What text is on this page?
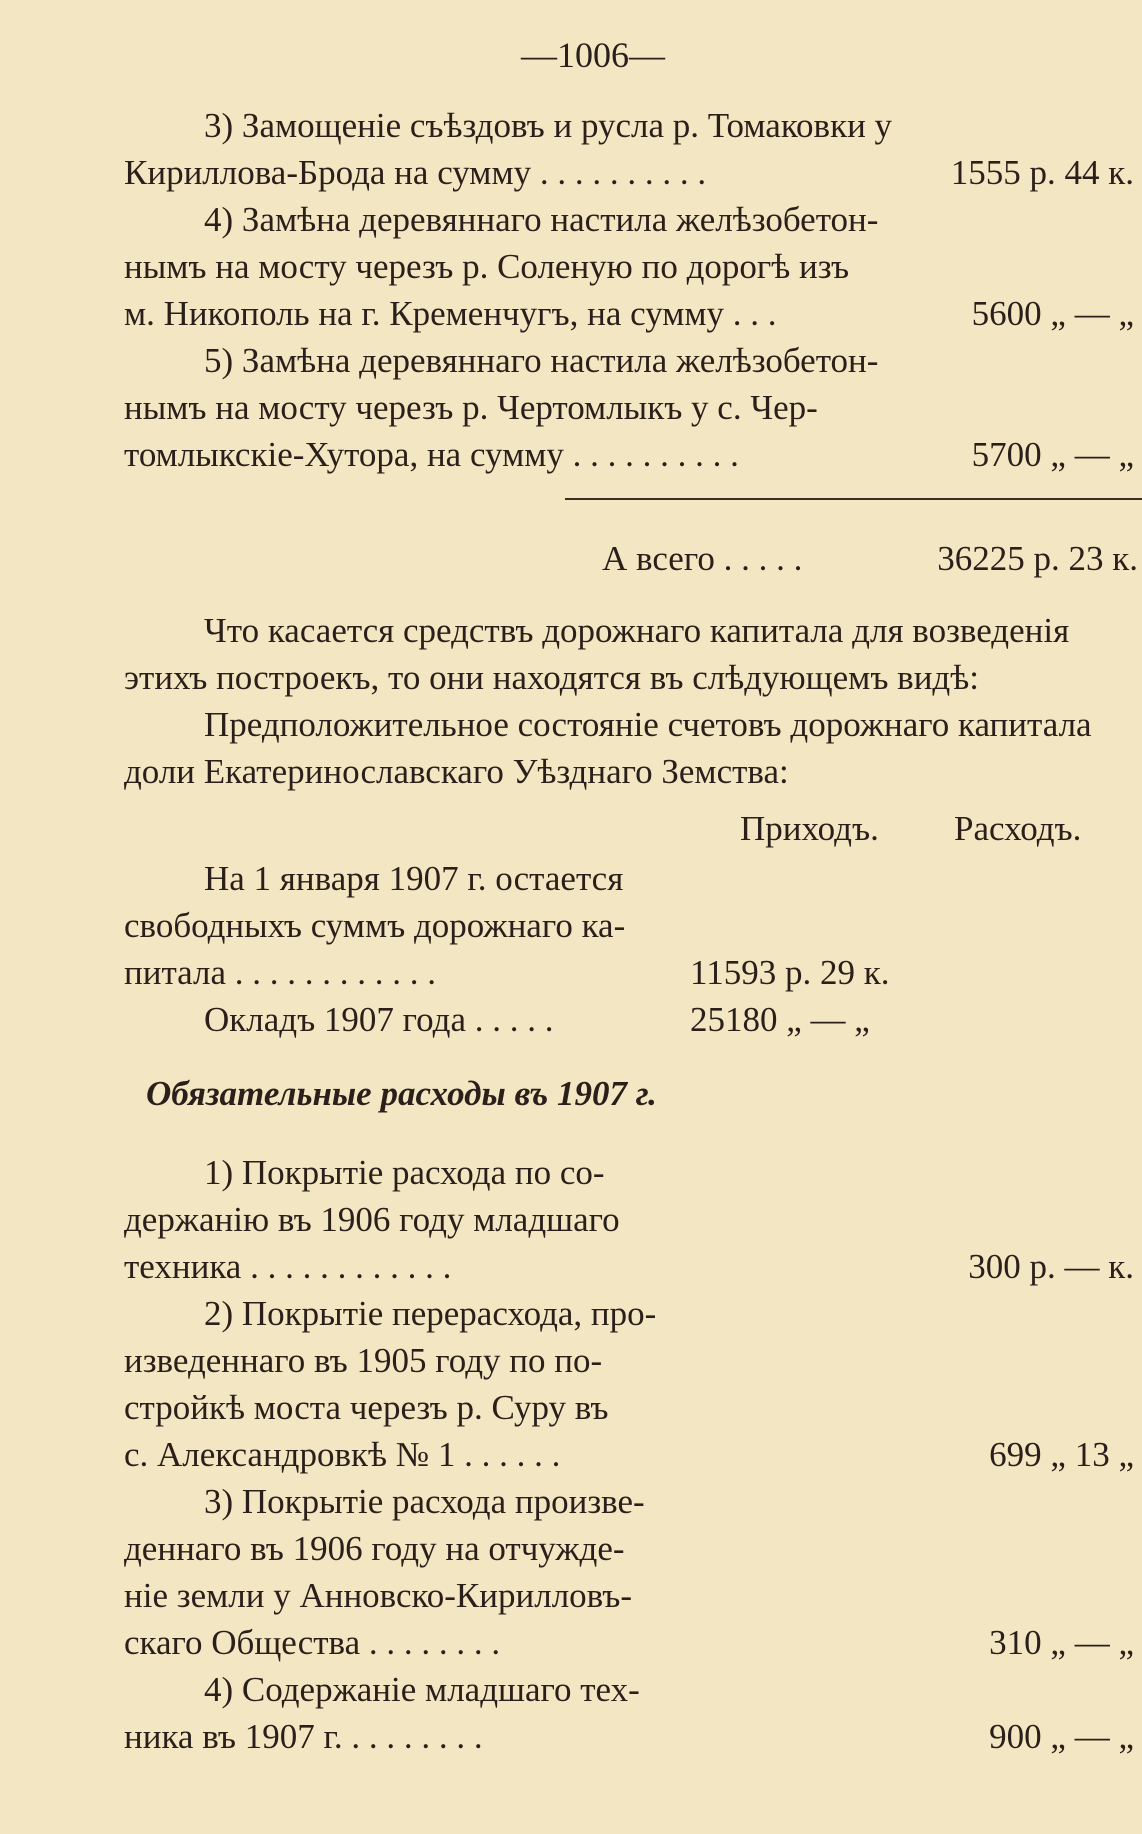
—1006—
3) Замощеніе съѣздовъ и русла р. Томаковки у
Кириллова-Брода на сумму . . . . . . . . . .	1555 р. 44 к.
4) Замѣна деревяннаго настила желѣзобетон-
нымъ на мосту черезъ р. Соленую по дорогѣ изъ
м. Никополь на г. Кременчугъ, на сумму . . .	5600 „ — „
5) Замѣна деревяннаго настила желѣзобетон-
нымъ на мосту черезъ р. Чертомлыкъ у с. Чер-
томлыкскіе-Хутора, на сумму . . . . . . . . . .	5700 „ — „
А всего . . . . .	36225 р. 23 к.
Что касается средствъ дорожнаго капитала для возведенія
этихъ построекъ, то они находятся въ слѣдующемъ видѣ:
Предположительное состояніе счетовъ дорожнаго капитала
доли Екатеринославскаго Уѣзднаго Земства:
Приходъ. Расходъ.
На 1 января 1907 г. остается
свободныхъ суммъ дорожнаго ка-
питала . . . . . . . . . . . .	11593 р. 29 к.
Окладъ 1907 года . . . . .	25180 „ — „
Обязательные расходы въ 1907 г.
1) Покрытіе расхода по со-
держанію въ 1906 году младшаго
техника . . . . . . . . . . . .	300 р. — к.
2) Покрытіе перерасхода, про-
изведеннаго въ 1905 году по по-
стройкѣ моста черезъ р. Суру въ
с. Александровкѣ № 1 . . . . . .	699 „ 13 „
3) Покрытіе расхода произве-
деннаго въ 1906 году на отчужде-
ніе земли у Анновско-Кирилловъ-
скаго Общества . . . . . . . .	310 „ — „
4) Содержаніе младшаго тех-
ника въ 1907 г. . . . . . . . .	900 „ — „
